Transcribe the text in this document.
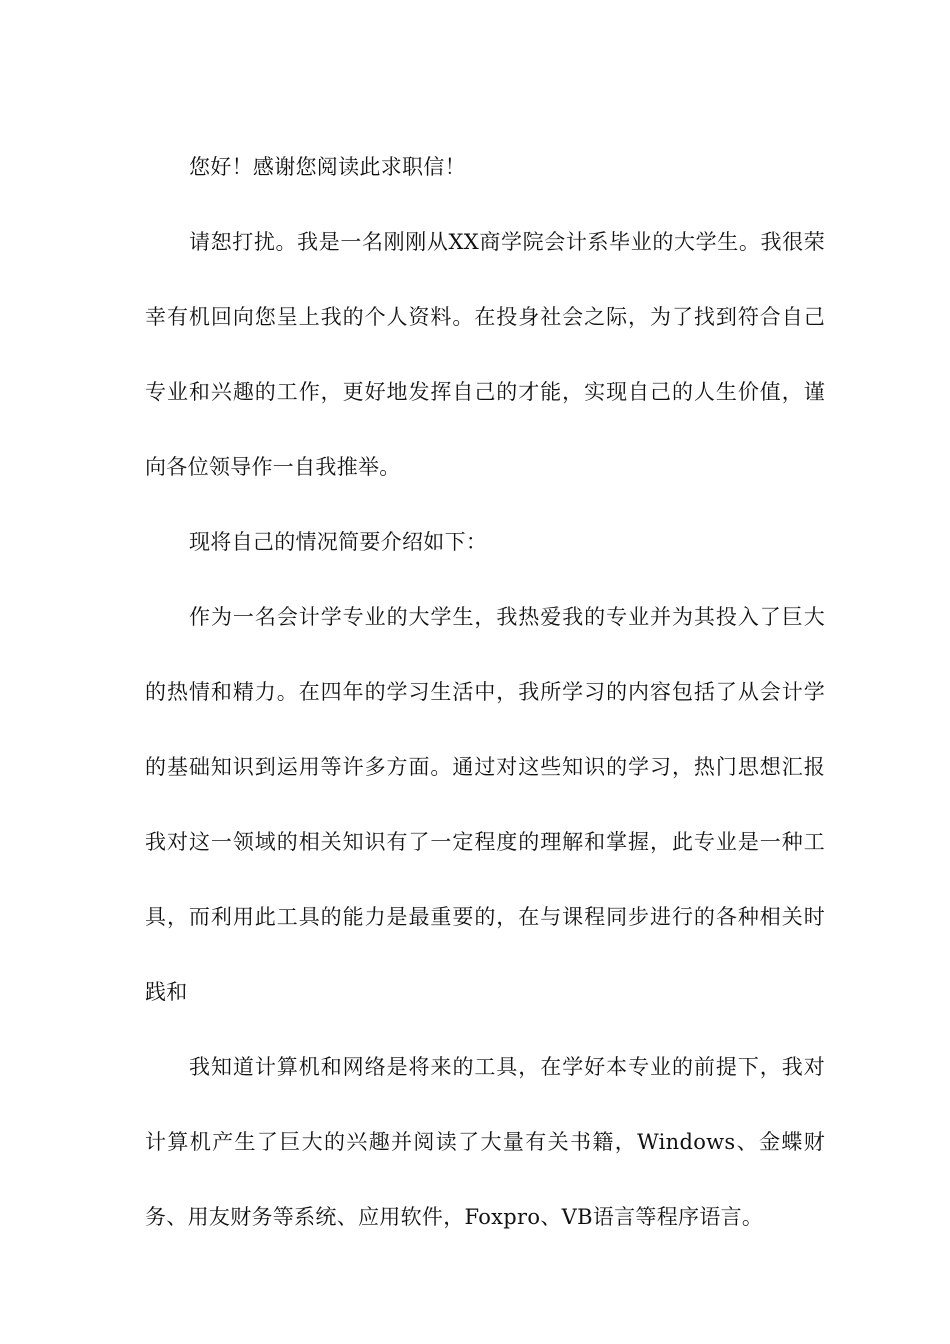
您好！感谢您阅读此求职信！

请恕打扰。我是一名刚刚从XX商学院会计系毕业的大学生。我很荣幸有机回向您呈上我的个人资料。在投身社会之际，为了找到符合自己专业和兴趣的工作，更好地发挥自己的才能，实现自己的人生价值，谨向各位领导作一自我推举。

现将自己的情况简要介绍如下：

作为一名会计学专业的大学生，我热爱我的专业并为其投入了巨大的热情和精力。在四年的学习生活中，我所学习的内容包括了从会计学的基础知识到运用等许多方面。通过对这些知识的学习，热门思想汇报我对这一领域的相关知识有了一定程度的理解和掌握，此专业是一种工具，而利用此工具的能力是最重要的，在与课程同步进行的各种相关时践和

我知道计算机和网络是将来的工具，在学好本专业的前提下，我对计算机产生了巨大的兴趣并阅读了大量有关书籍，Windows、金蝶财务、用友财务等系统、应用软件，Foxpro、VB语言等程序语言。
